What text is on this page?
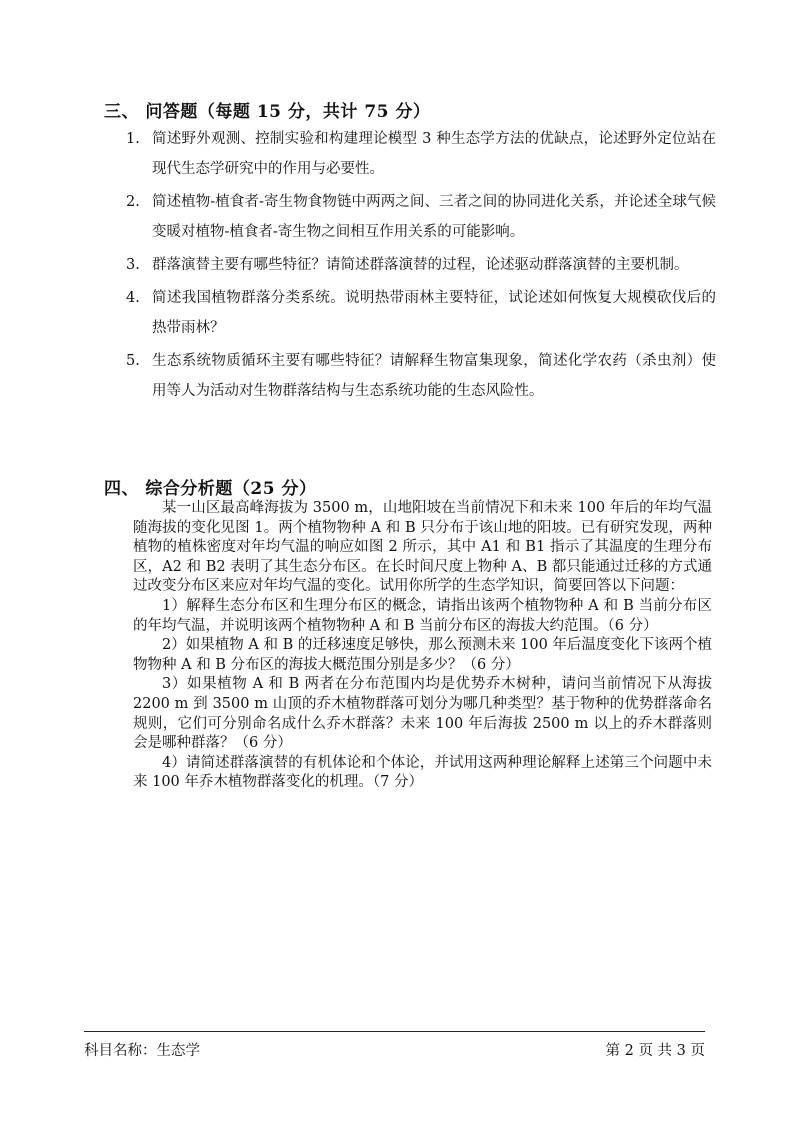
三、 问答题（每题 15 分，共计 75 分）
1. 简述野外观测、控制实验和构建理论模型 3 种生态学方法的优缺点，论述野外定位站在现代生态学研究中的作用与必要性。
2. 简述植物-植食者-寄生物食物链中两两之间、三者之间的协同进化关系，并论述全球气候变暖对植物-植食者-寄生物之间相互作用关系的可能影响。
3. 群落演替主要有哪些特征？请简述群落演替的过程，论述驱动群落演替的主要机制。
4. 简述我国植物群落分类系统。说明热带雨林主要特征，试论述如何恢复大规模砍伐后的热带雨林？
5. 生态系统物质循环主要有哪些特征？请解释生物富集现象，简述化学农药（杀虫剂）使用等人为活动对生物群落结构与生态系统功能的生态风险性。
四、 综合分析题（25 分）

某一山区最高峰海拔为 3500 m，山地阳坡在当前情况下和未来 100 年后的年均气温随海拔的变化见图 1。两个植物物种 A 和 B 只分布于该山地的阳坡。已有研究发现，两种植物的植株密度对年均气温的响应如图 2 所示，其中 A1 和 B1 指示了其温度的生理分布区，A2 和 B2 表明了其生态分布区。在长时间尺度上物种 A、B 都只能通过迁移的方式通过改变分布区来应对年均气温的变化。试用你所学的生态学知识，简要回答以下问题：

1）解释生态分布区和生理分布区的概念，请指出该两个植物物种 A 和 B 当前分布区的年均气温，并说明该两个植物物种 A 和 B 当前分布区的海拔大约范围。（6 分）

2）如果植物 A 和 B 的迁移速度足够快，那么预测未来 100 年后温度变化下该两个植物物种 A 和 B 分布区的海拔大概范围分别是多少？（6 分）

3）如果植物 A 和 B 两者在分布范围内均是优势乔木树种，请问当前情况下从海拔 2200 m 到 3500 m 山顶的乔木植物群落可划分为哪几种类型？基于物种的优势群落命名规则，它们可分别命名成什么乔木群落？未来 100 年后海拔 2500 m 以上的乔木群落则会是哪种群落？（6 分）

4）请简述群落演替的有机体论和个体论，并试用这两种理论解释上述第三个问题中未来 100 年乔木植物群落变化的机理。（7 分）

科目名称：生态学	第 2 页 共 3 页
